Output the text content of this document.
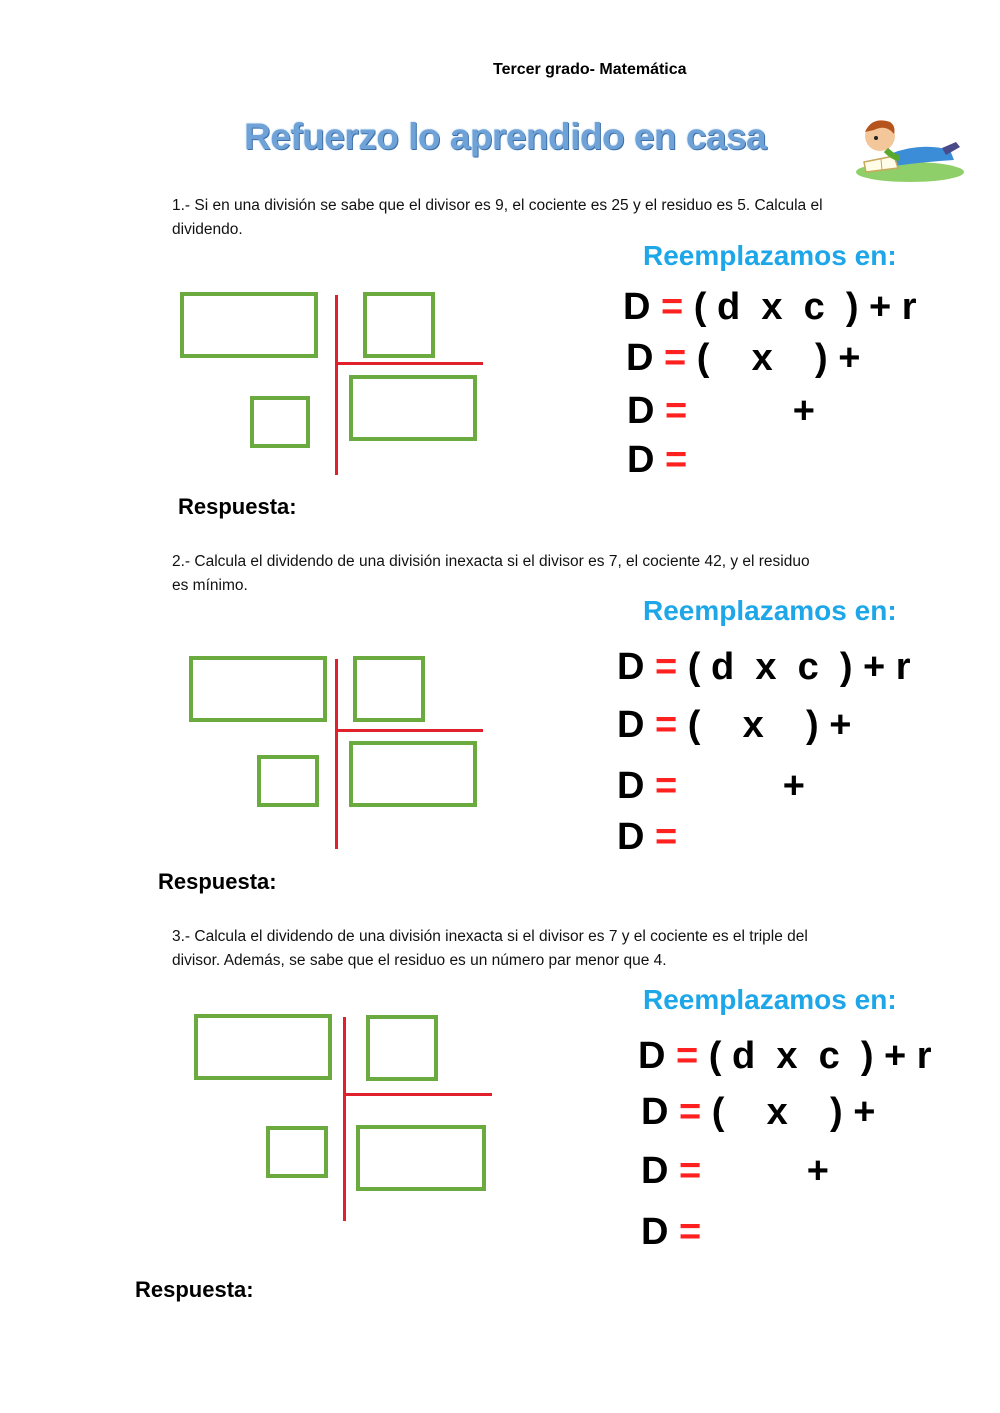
Tercer grado- Matemática
Refuerzo lo aprendido en casa
1.- Si en una división se sabe que el divisor es 9, el cociente es 25 y el residuo es 5. Calcula el
dividendo.
Reemplazamos en:
D = ( d  x  c  ) + r
D = (    x    ) +
D =          +
D =
Respuesta:
2.- Calcula el dividendo de una división inexacta si el divisor es 7, el cociente 42, y el residuo
es mínimo.
Reemplazamos en:
D = ( d  x  c  ) + r
D = (    x    ) +
D =          +
D =
Respuesta:
3.- Calcula el dividendo de una división inexacta si el divisor es 7 y el cociente es el triple del
divisor. Además, se sabe que el residuo es un número par menor que 4.
Reemplazamos en:
D = ( d  x  c  ) + r
D = (    x    ) +
D =          +
D =
Respuesta:
